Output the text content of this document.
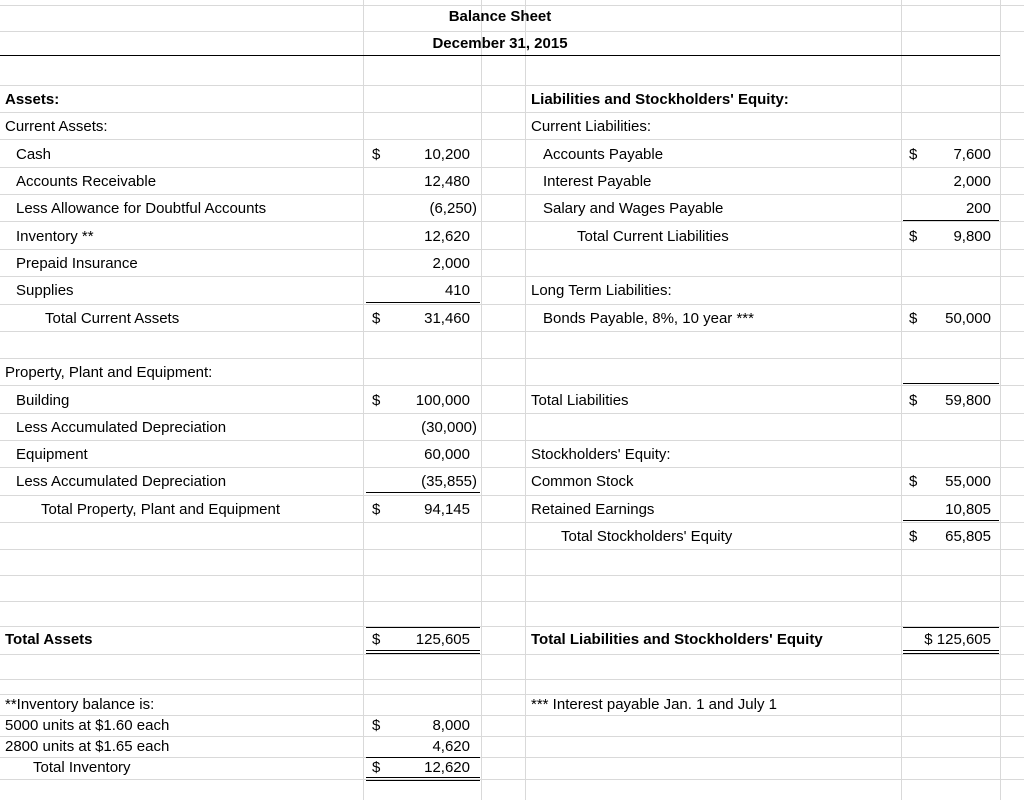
Balance Sheet
December 31, 2015
Assets:
Current Assets:
Cash	$	10,200
Accounts Receivable	12,480
Less Allowance for Doubtful Accounts	(6,250)
Inventory **	12,620
Prepaid Insurance	2,000
Supplies	410
Total Current Assets	$	31,460
Property, Plant and Equipment:
Building	$ 100,000
Less Accumulated Depreciation	(30,000)
Equipment	60,000
Less Accumulated Depreciation	(35,855)
Total Property, Plant and Equipment	$	94,145
Total Assets	$ 125,605
Liabilities and Stockholders' Equity:
Current Liabilities:
Accounts Payable	$ 7,600
Interest Payable	2,000
Salary and Wages Payable	200
Total Current Liabilities	$ 9,800
Long Term Liabilities:
Bonds Payable, 8%, 10 year ***	$ 50,000
Total Liabilities	$ 59,800
Stockholders' Equity:
Common Stock	$ 55,000
Retained Earnings	10,805
Total Stockholders' Equity	$ 65,805
Total Liabilities and Stockholders' Equity	$ 125,605
**Inventory balance is:
5000 units at $1.60 each	$	8,000
2800 units at $1.65 each	4,620
Total Inventory	$	12,620
*** Interest payable Jan. 1 and July 1
